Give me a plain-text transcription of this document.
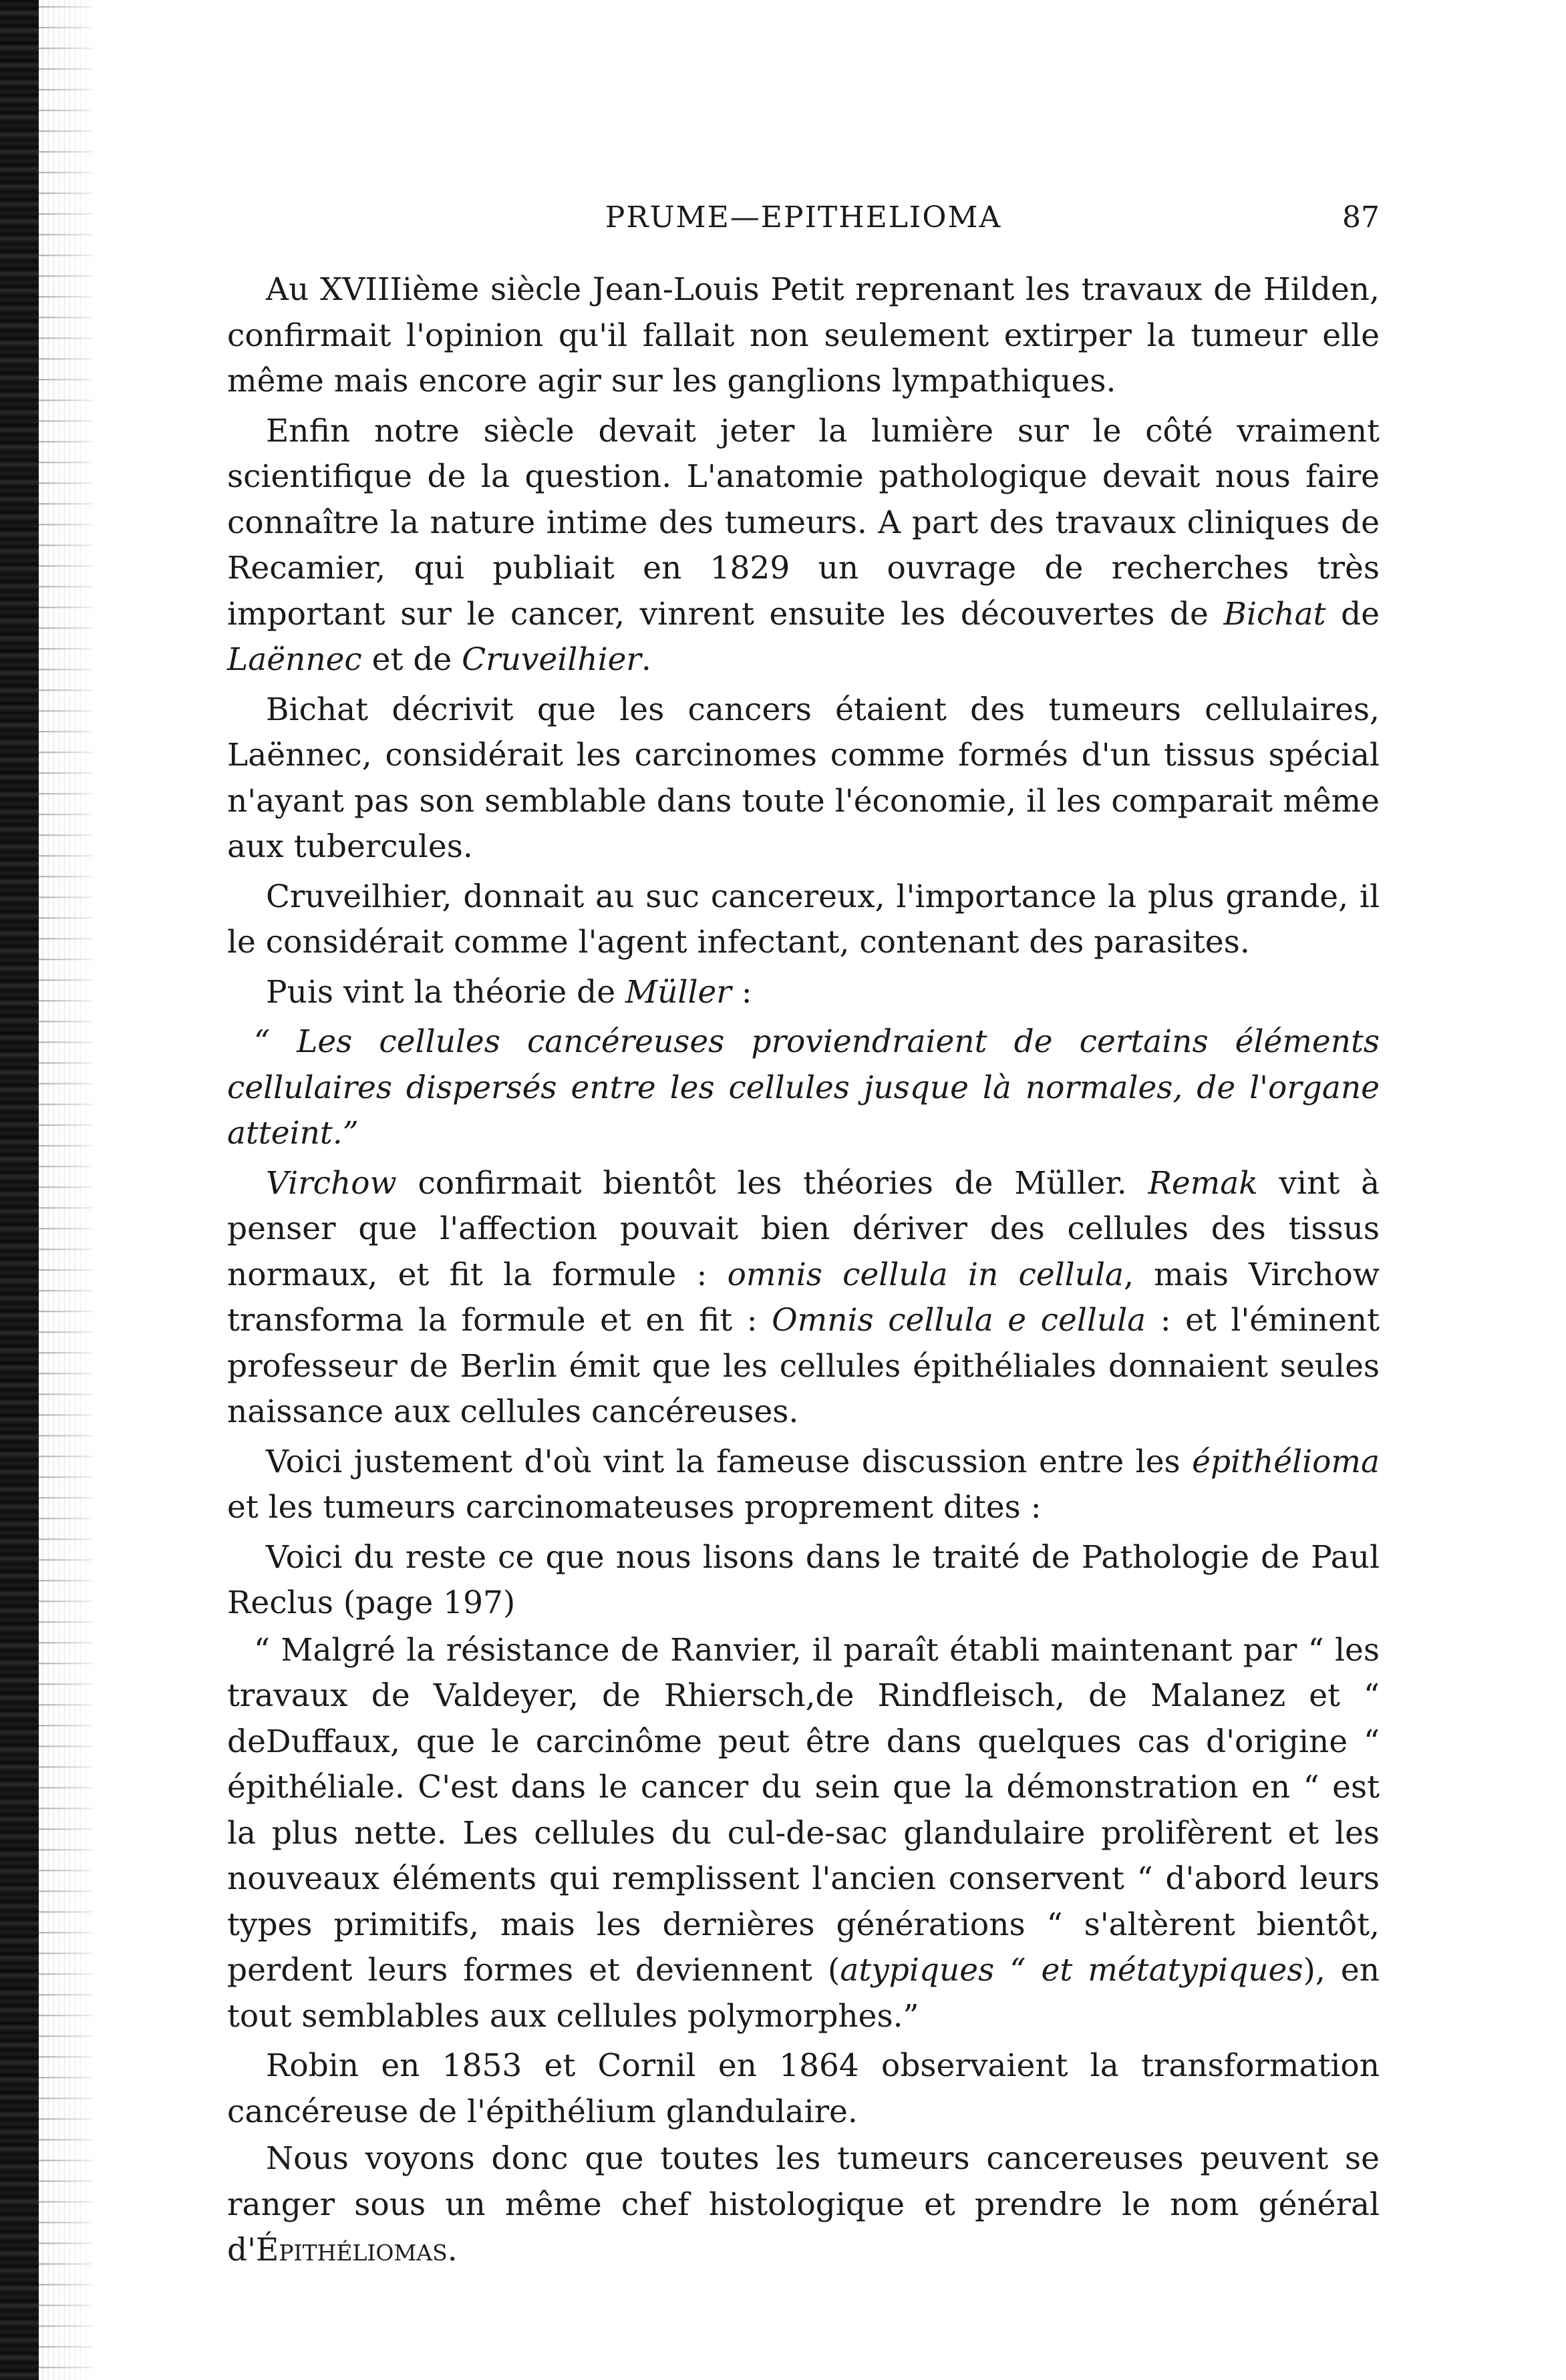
PRUME—EPITHELIOMA	87

Au XVIIIième siècle Jean-Louis Petit reprenant les travaux de Hilden, confirmait l'opinion qu'il fallait non seulement extirper la tumeur elle même mais encore agir sur les ganglions lympathiques.

Enfin notre siècle devait jeter la lumière sur le côté vraiment scientifique de la question. L'anatomie pathologique devait nous faire connaître la nature intime des tumeurs. A part des travaux cliniques de Recamier, qui publiait en 1829 un ouvrage de recherches très important sur le cancer, vinrent ensuite les découvertes de Bichat de Laënnec et de Cruveilhier.

Bichat décrivit que les cancers étaient des tumeurs cellulaires, Laënnec, considérait les carcinomes comme formés d'un tissus spécial n'ayant pas son semblable dans toute l'économie, il les comparait même aux tubercules.

Cruveilhier, donnait au suc cancereux, l'importance la plus grande, il le considérait comme l'agent infectant, contenant des parasites.

Puis vint la théorie de Müller :

“ Les cellules cancéreuses proviendraient de certains éléments cellulaires dispersés entre les cellules jusque là normales, de l'organe atteint.”

Virchow confirmait bientôt les théories de Müller. Remak vint à penser que l'affection pouvait bien dériver des cellules des tissus normaux, et fit la formule : omnis cellula in cellula, mais Virchow transforma la formule et en fit : Omnis cellula e cellula : et l'éminent professeur de Berlin émit que les cellules épithéliales donnaient seules naissance aux cellules cancéreuses.

Voici justement d'où vint la fameuse discussion entre les épithélioma et les tumeurs carcinomateuses proprement dites :

Voici du reste ce que nous lisons dans le traité de Pathologie de Paul Reclus (page 197)

“ Malgré la résistance de Ranvier, il paraît établi maintenant par “ les travaux de Valdeyer, de Rhiersch,de Rindfleisch, de Malanez et “ deDuffaux, que le carcinôme peut être dans quelques cas d'origine “ épithéliale. C'est dans le cancer du sein que la démonstration en “ est la plus nette. Les cellules du cul-de-sac glandulaire prolifèrent et les nouveaux éléments qui remplissent l'ancien conservent “ d'abord leurs types primitifs, mais les dernières générations “ s'altèrent bientôt, perdent leurs formes et deviennent (atypiques “ et métatypiques), en tout semblables aux cellules polymorphes.”

Robin en 1853 et Cornil en 1864 observaient la transformation cancéreuse de l'épithélium glandulaire.

Nous voyons donc que toutes les tumeurs cancereuses peuvent se ranger sous un même chef histologique et prendre le nom général d'Épithéliomas.
